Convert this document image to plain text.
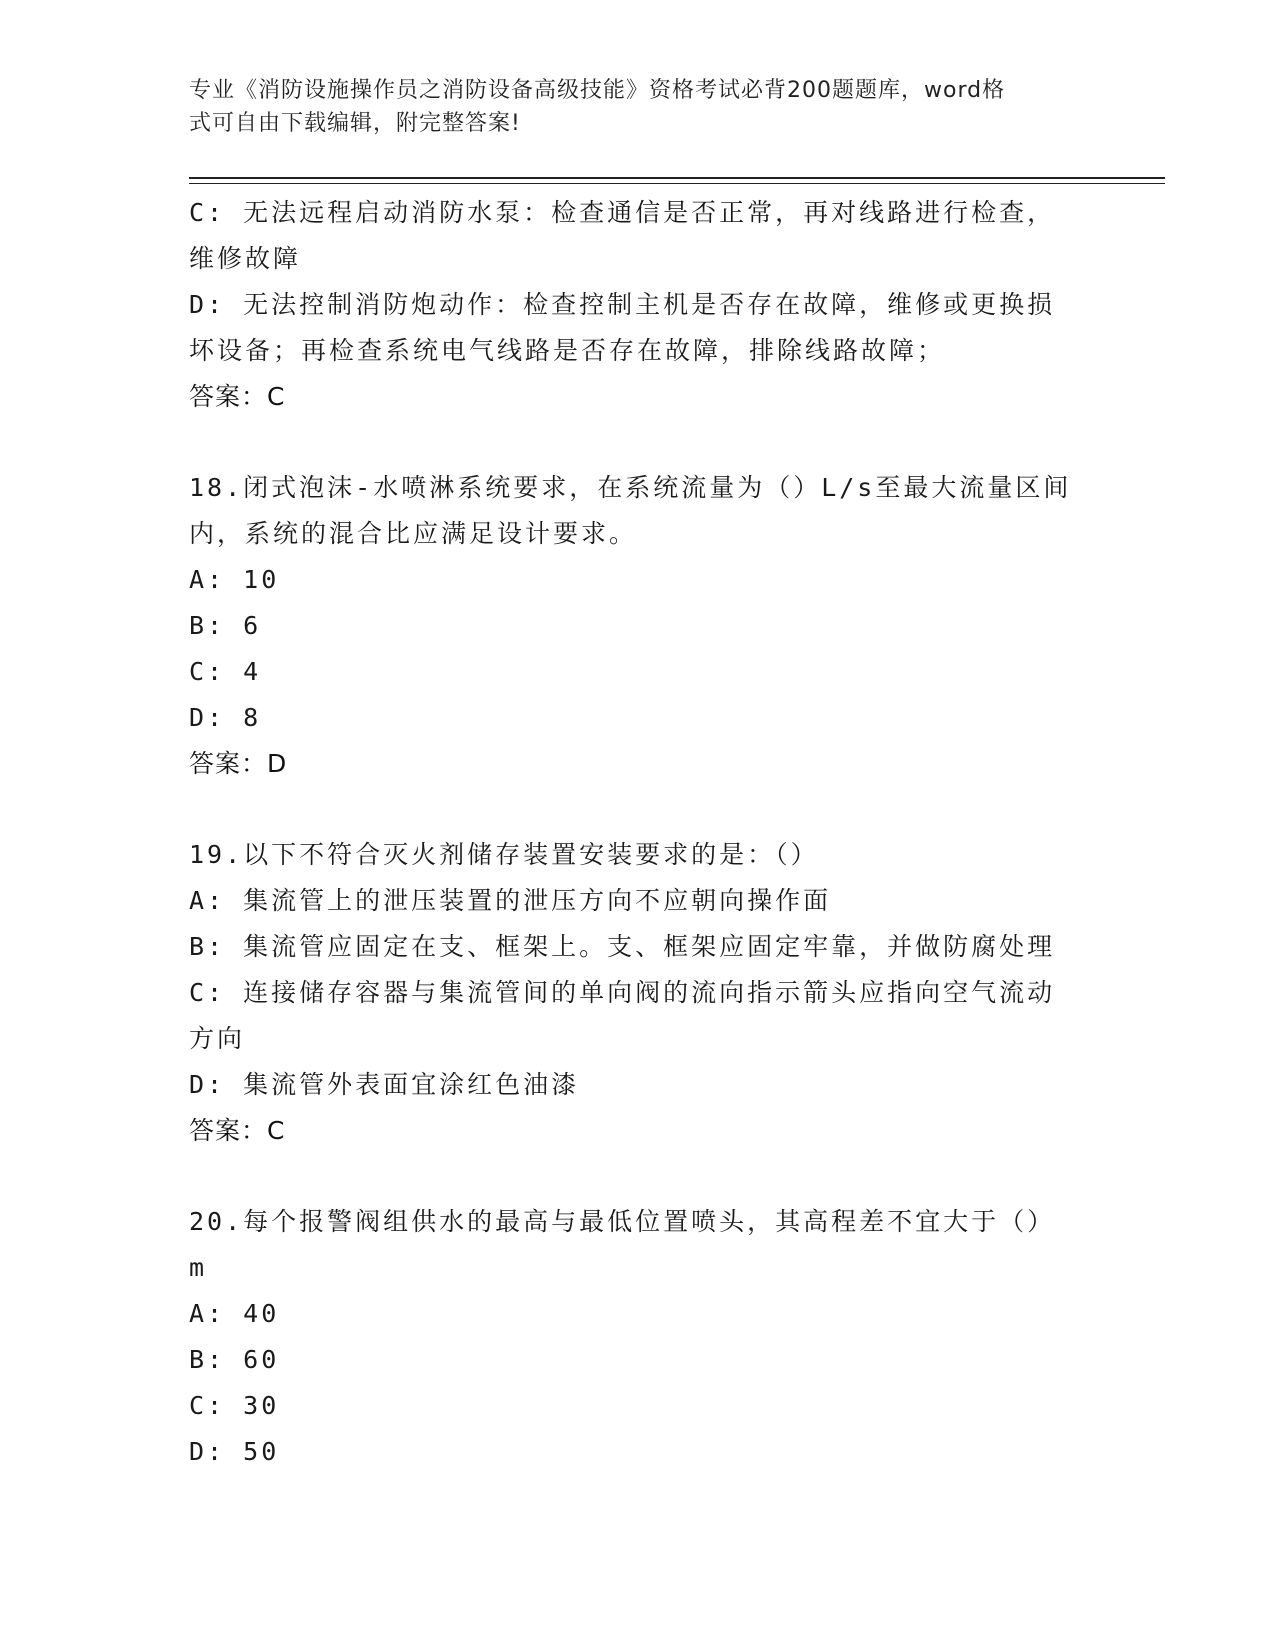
专业《消防设施操作员之消防设备高级技能》资格考试必背200题题库，word格
式可自由下载编辑，附完整答案!
C: 无法远程启动消防水泵：检查通信是否正常，再对线路进行检查，
维修故障
D: 无法控制消防炮动作：检查控制主机是否存在故障，维修或更换损
坏设备；再检查系统电气线路是否存在故障，排除线路故障；
答案：C
18.闭式泡沫-水喷淋系统要求，在系统流量为（）L/s至最大流量区间
内，系统的混合比应满足设计要求。
A: 10
B: 6
C: 4
D: 8
答案：D
19.以下不符合灭火剂储存装置安装要求的是：（）
A: 集流管上的泄压装置的泄压方向不应朝向操作面
B: 集流管应固定在支、框架上。支、框架应固定牢靠，并做防腐处理
C: 连接储存容器与集流管间的单向阀的流向指示箭头应指向空气流动
方向
D: 集流管外表面宜涂红色油漆
答案：C
20.每个报警阀组供水的最高与最低位置喷头，其高程差不宜大于（）
m
A: 40
B: 60
C: 30
D: 50
